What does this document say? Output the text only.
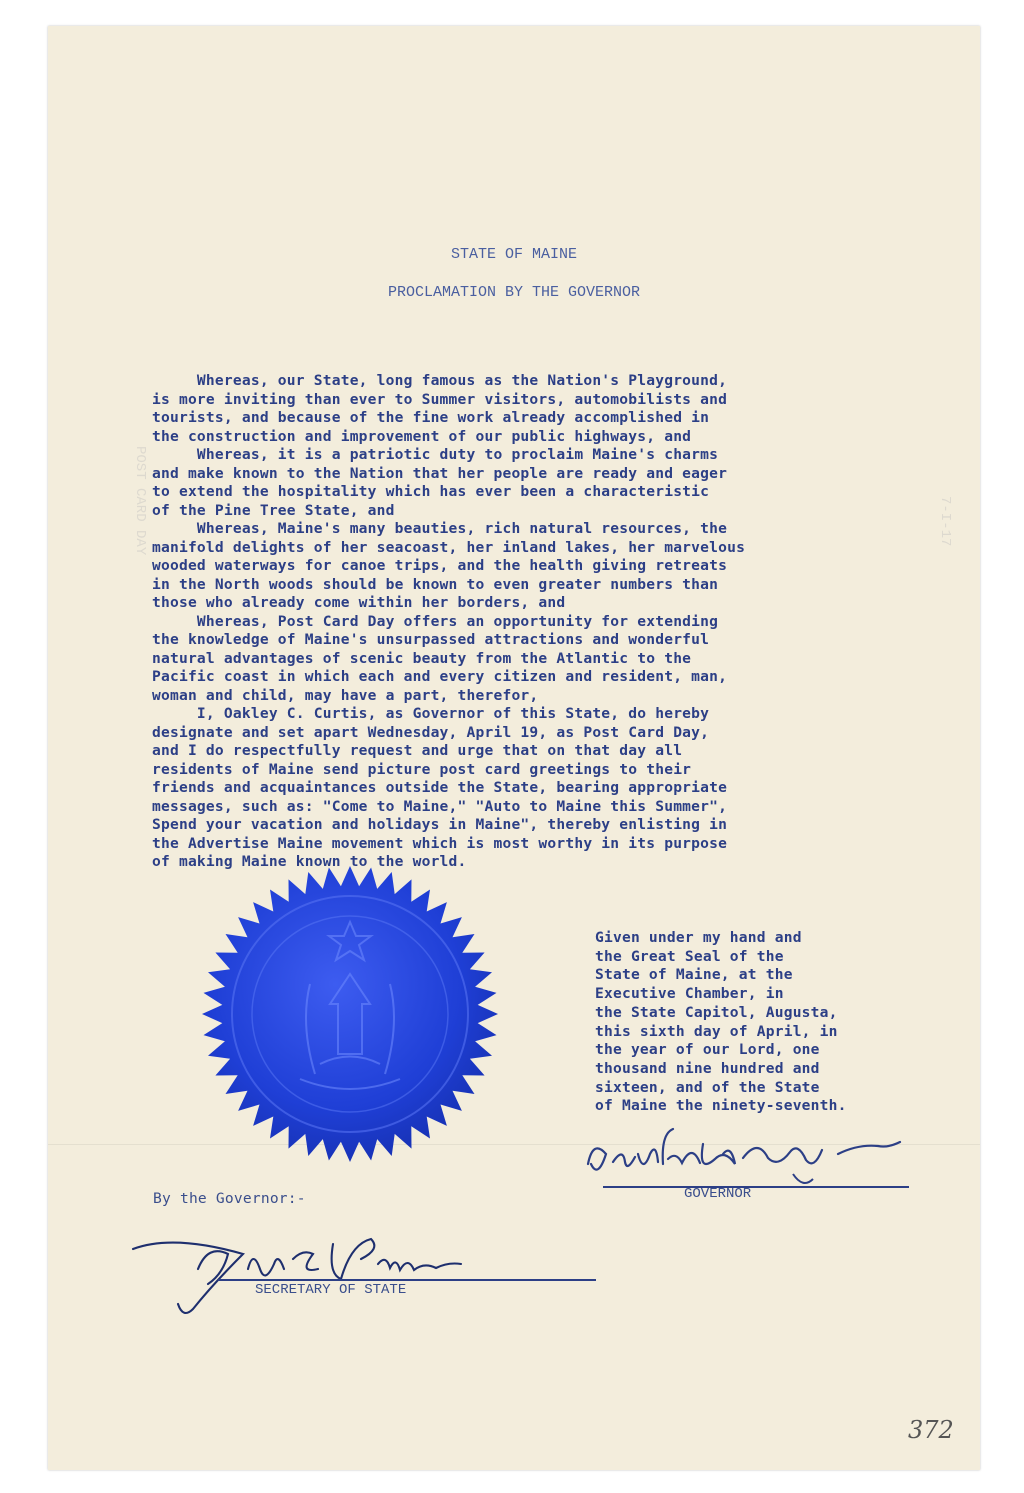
POST CARD DAY	7-I-17
STATE OF MAINE
PROCLAMATION BY THE GOVERNOR
Whereas, our State, long famous as the Nation's Playground,
is more inviting than ever to Summer visitors, automobilists and
tourists, and because of the fine work already accomplished in
the construction and improvement of our public highways, and
Whereas, it is a patriotic duty to proclaim Maine's charms
and make known to the Nation that her people are ready and eager
to extend the hospitality which has ever been a characteristic
of the Pine Tree State, and
Whereas, Maine's many beauties, rich natural resources, the
manifold delights of her seacoast, her inland lakes, her marvelous
wooded waterways for canoe trips, and the health giving retreats
in the North woods should be known to even greater numbers than
those who already come within her borders, and
Whereas, Post Card Day offers an opportunity for extending
the knowledge of Maine's unsurpassed attractions and wonderful
natural advantages of scenic beauty from the Atlantic to the
Pacific coast in which each and every citizen and resident, man,
woman and child, may have a part, therefor,
I, Oakley C. Curtis, as Governor of this State, do hereby
designate and set apart Wednesday, April 19, as Post Card Day,
and I do respectfully request and urge that on that day all
residents of Maine send picture post card greetings to their
friends and acquaintances outside the State, bearing appropriate
messages, such as: "Come to Maine," "Auto to Maine this Summer",
Spend your vacation and holidays in Maine", thereby enlisting in
the Advertise Maine movement which is most worthy in its purpose
of making Maine known to the world.
Given under my hand and
the Great Seal of the
State of Maine, at the
Executive Chamber, in
the State Capitol, Augusta,
this sixth day of April, in
the year of our Lord, one
thousand nine hundred and
sixteen, and of the State
of Maine the ninety-seventh.
GOVERNOR
By the Governor:-
SECRETARY OF STATE
372
